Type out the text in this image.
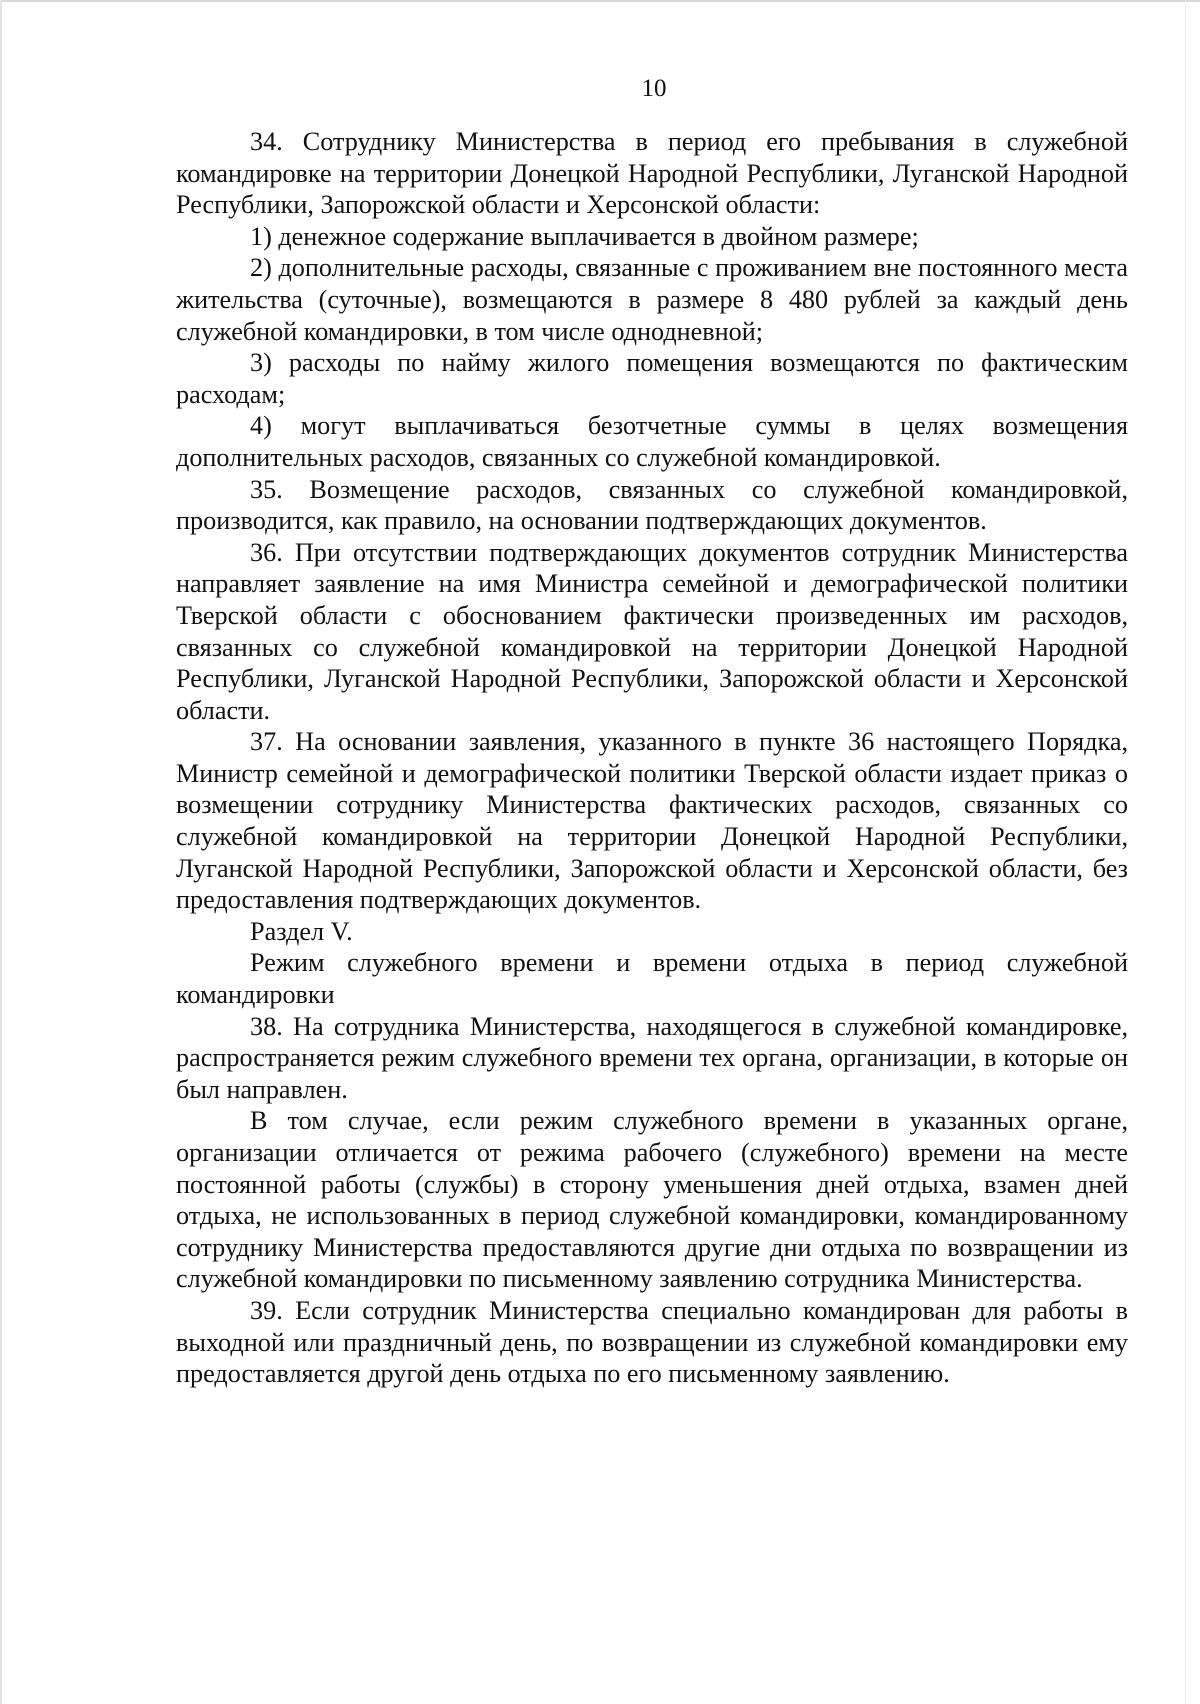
10

34. Сотруднику Министерства в период его пребывания в служебной командировке на территории Донецкой Народной Республики, Луганской Народной Республики, Запорожской области и Херсонской области:

1) денежное содержание выплачивается в двойном размере;

2) дополнительные расходы, связанные с проживанием вне постоянного места жительства (суточные), возмещаются в размере 8 480 рублей за каждый день служебной командировки, в том числе однодневной;

3) расходы по найму жилого помещения возмещаются по фактическим расходам;

4) могут выплачиваться безотчетные суммы в целях возмещения дополнительных расходов, связанных со служебной командировкой.

35. Возмещение расходов, связанных со служебной командировкой, производится, как правило, на основании подтверждающих документов.

36. При отсутствии подтверждающих документов сотрудник Министерства направляет заявление на имя Министра семейной и демографической политики Тверской области с обоснованием фактически произведенных им расходов, связанных со служебной командировкой на территории Донецкой Народной Республики, Луганской Народной Республики, Запорожской области и Херсонской области.

37. На основании заявления, указанного в пункте 36 настоящего Порядка, Министр семейной и демографической политики Тверской области издает приказ о возмещении сотруднику Министерства фактических расходов, связанных со служебной командировкой на территории Донецкой Народной Республики, Луганской Народной Республики, Запорожской области и Херсонской области, без предоставления подтверждающих документов.

Раздел V.

Режим служебного времени и времени отдыха в период служебной командировки

38. На сотрудника Министерства, находящегося в служебной командировке, распространяется режим служебного времени тех органа, организации, в которые он был направлен.

В том случае, если режим служебного времени в указанных органе, организации отличается от режима рабочего (служебного) времени на месте постоянной работы (службы) в сторону уменьшения дней отдыха, взамен дней отдыха, не использованных в период служебной командировки, командированному сотруднику Министерства предоставляются другие дни отдыха по возвращении из служебной командировки по письменному заявлению сотрудника Министерства.

39. Если сотрудник Министерства специально командирован для работы в выходной или праздничный день, по возвращении из служебной командировки ему предоставляется другой день отдыха по его письменному заявлению.
